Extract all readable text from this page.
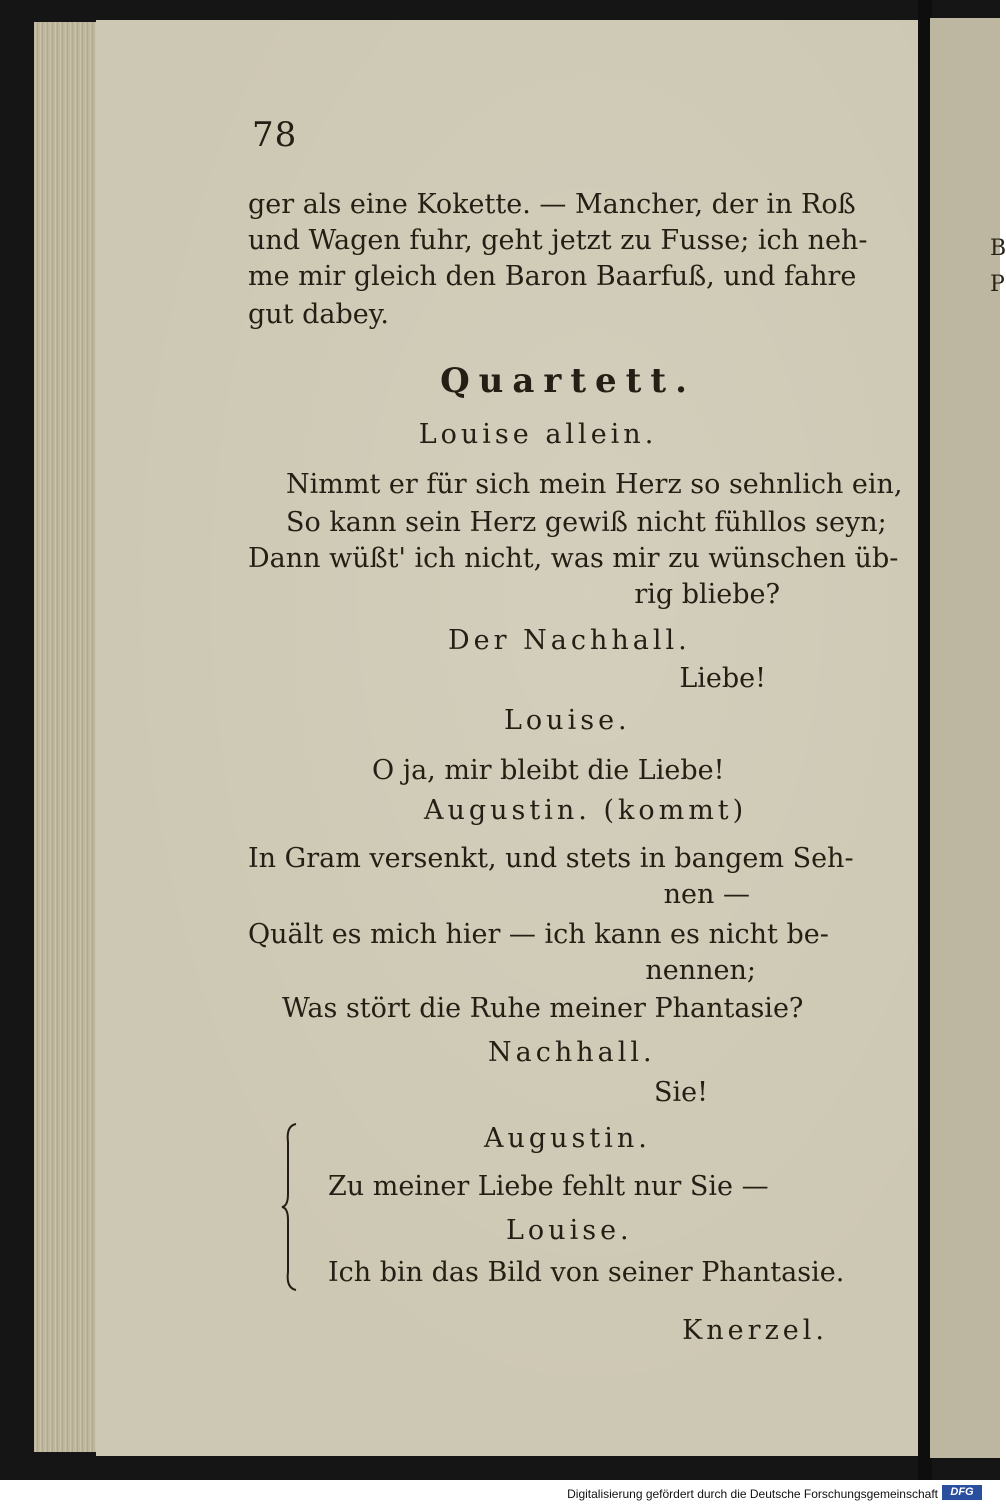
B
P
78
ger als eine Kokette. — Mancher, der in Roß
und Wagen fuhr, geht jetzt zu Fusse; ich neh-
me mir gleich den Baron Baarfuß, und fahre
gut dabey.
Quartett.
Louise allein.
Nimmt er für sich mein Herz so sehnlich ein,
So kann sein Herz gewiß nicht fühllos seyn;
Dann wüßt' ich nicht, was mir zu wünschen üb-
rig bliebe?
Der Nachhall.
Liebe!
Louise.
O ja, mir bleibt die Liebe!
Augustin. (kommt)
In Gram versenkt, und stets in bangem Seh-
nen —
Quält es mich hier — ich kann es nicht be-
nennen;
Was stört die Ruhe meiner Phantasie?
Nachhall.
Sie!
Augustin.
Zu meiner Liebe fehlt nur Sie —
Louise.
Ich bin das Bild von seiner Phantasie.
Knerzel.
Digitalisierung gefördert durch die Deutsche Forschungsgemeinschaft	DFG
